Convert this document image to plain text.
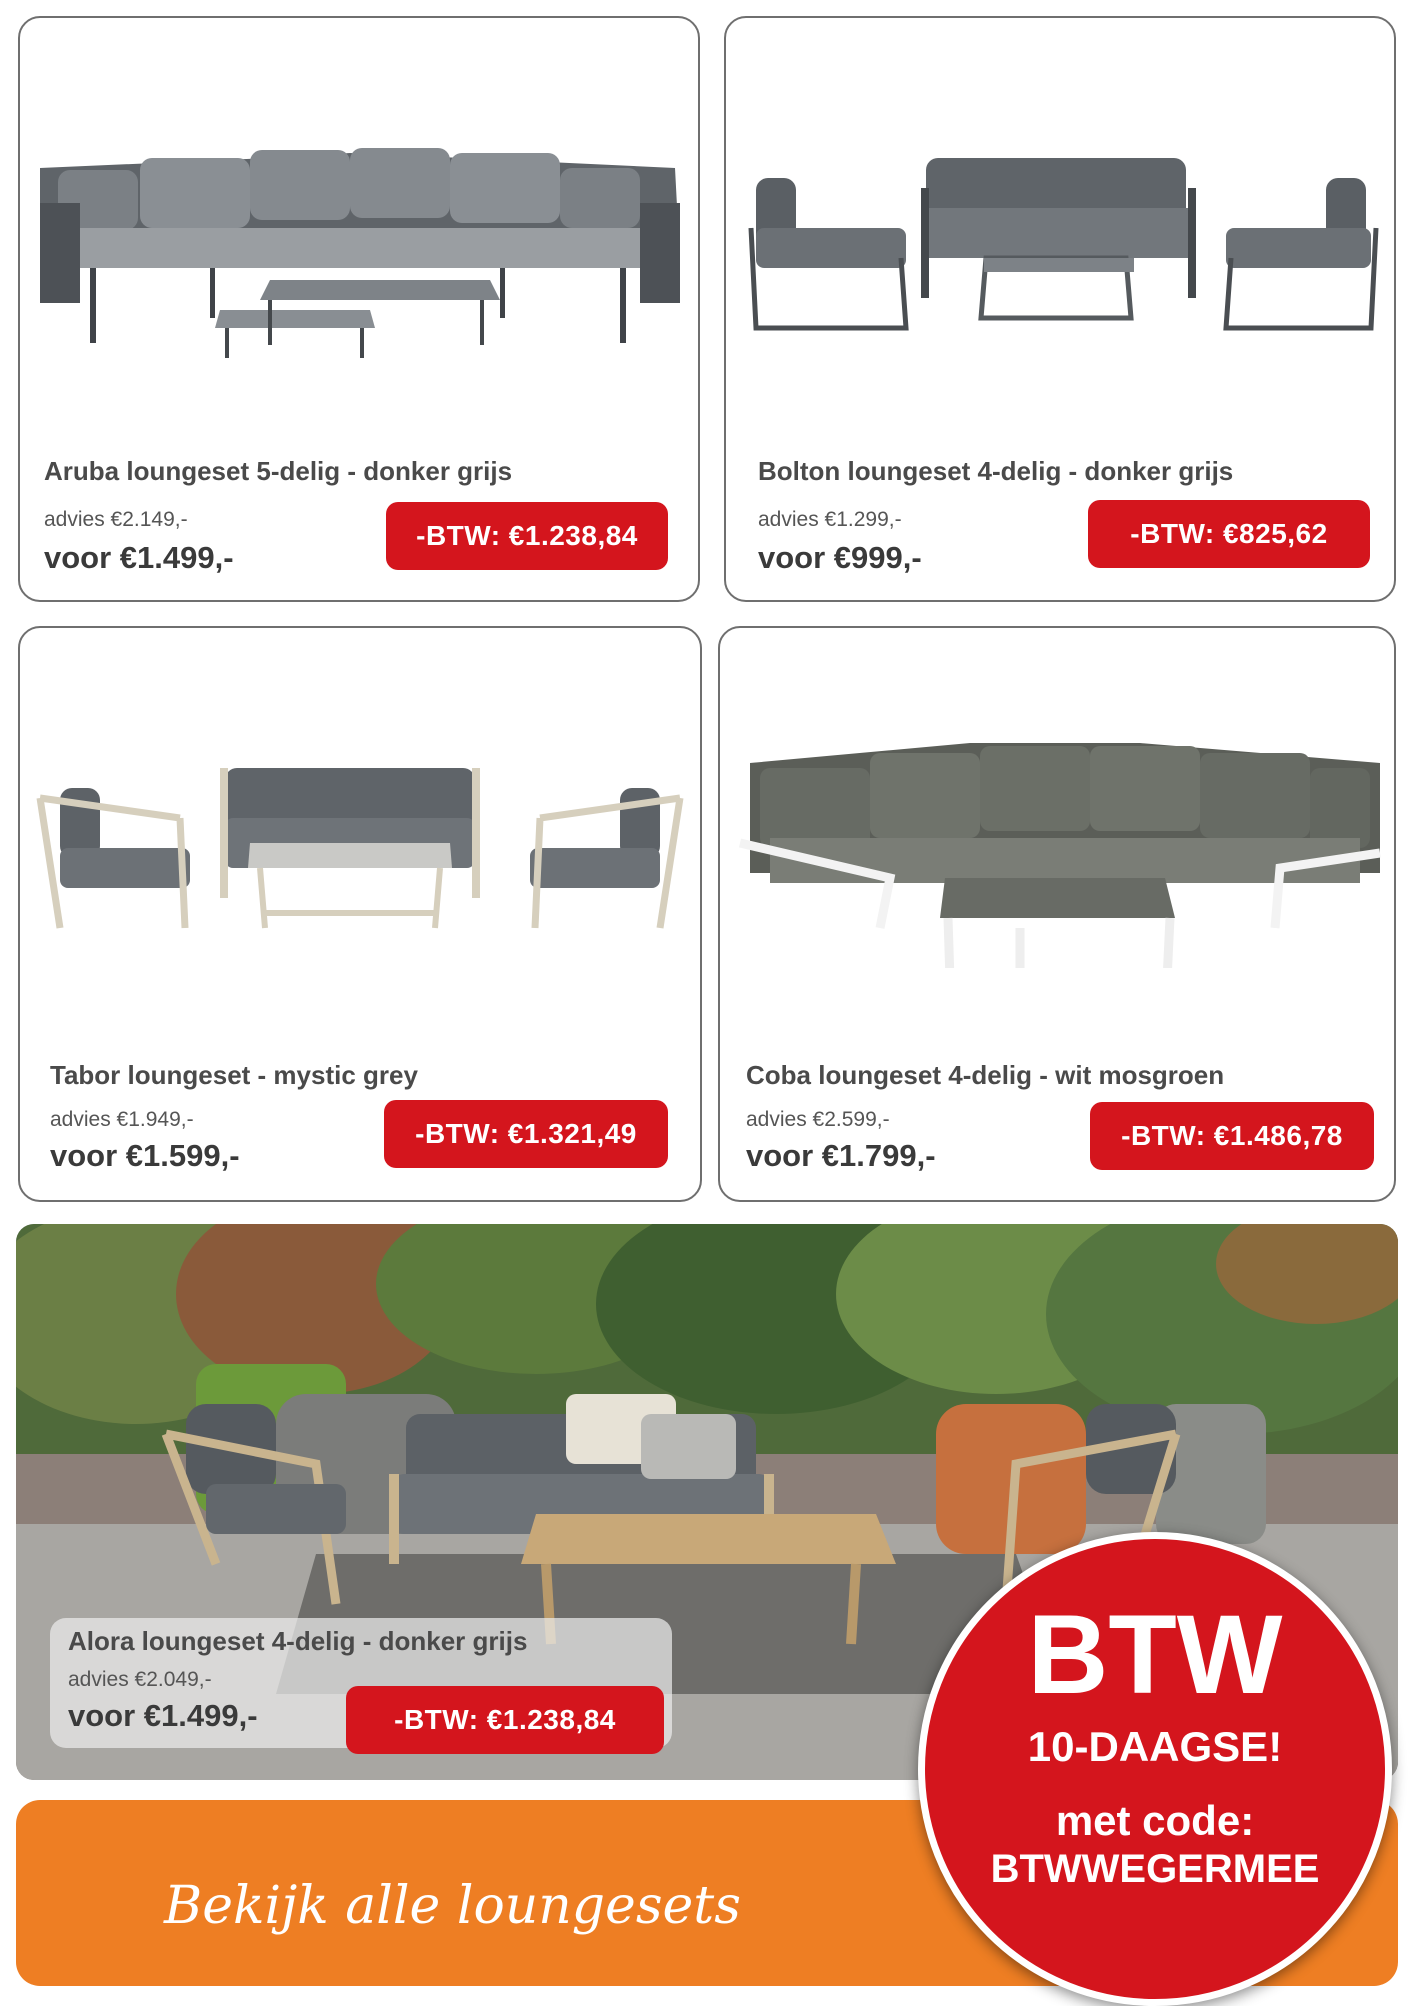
Aruba loungeset 5-delig - donker grijs
advies €2.149,-
voor €1.499,-
-BTW: €1.238,84
Bolton loungeset 4-delig - donker grijs
advies €1.299,-
voor €999,-
-BTW: €825,62
Tabor loungeset - mystic grey
advies €1.949,-
voor €1.599,-
-BTW: €1.321,49
Coba loungeset 4-delig - wit mosgroen
advies €2.599,-
voor €1.799,-
-BTW: €1.486,78
Alora loungeset 4-delig - donker grijs
advies €2.049,-
voor €1.499,-	-BTW: €1.238,84
Bekijk alle loungesets
BTW
10-DAAGSE!
met code:
BTWWEGERMEE
